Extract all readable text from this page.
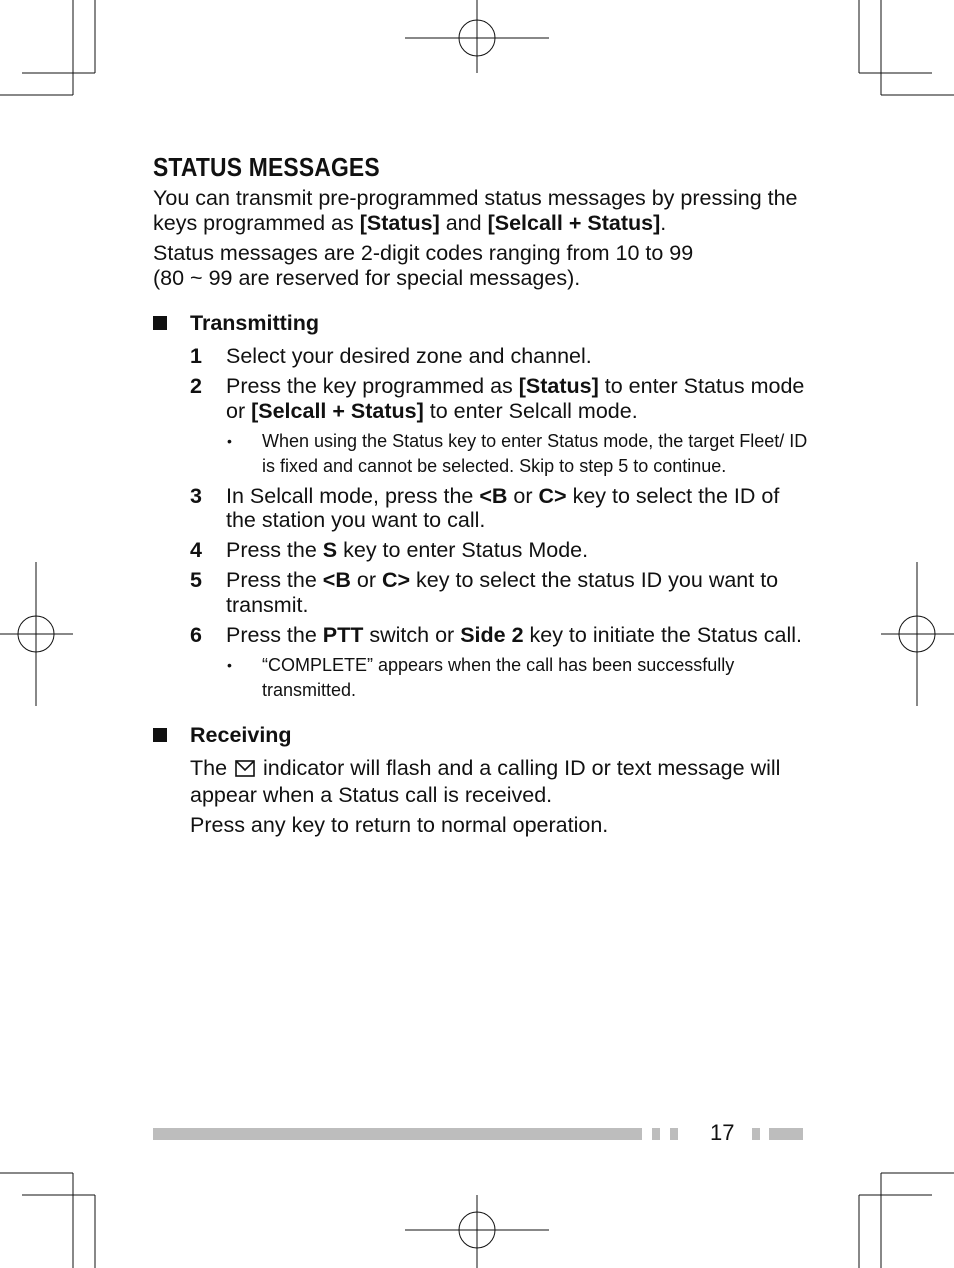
STATUS MESSAGES

You can transmit pre-programmed status messages by pressing the keys programmed as [Status] and [Selcall + Status].

Status messages are 2-digit codes ranging from 10 to 99
(80 ~ 99 are reserved for special messages).

Transmitting
1 Select your desired zone and channel.
2 Press the key programmed as [Status] to enter Status mode or [Selcall + Status] to enter Selcall mode.
• When using the Status key to enter Status mode, the target Fleet/ ID is fixed and cannot be selected. Skip to step 5 to continue.
3 In Selcall mode, press the <B or C> key to select the ID of the station you want to call.
4 Press the S key to enter Status Mode.
5 Press the <B or C> key to select the status ID you want to transmit.
6 Press the PTT switch or Side 2 key to initiate the Status call.
• “COMPLETE” appears when the call has been successfully transmitted.
Receiving

The  indicator will flash and a calling ID or text message will appear when a Status call is received.

Press any key to return to normal operation.

17
